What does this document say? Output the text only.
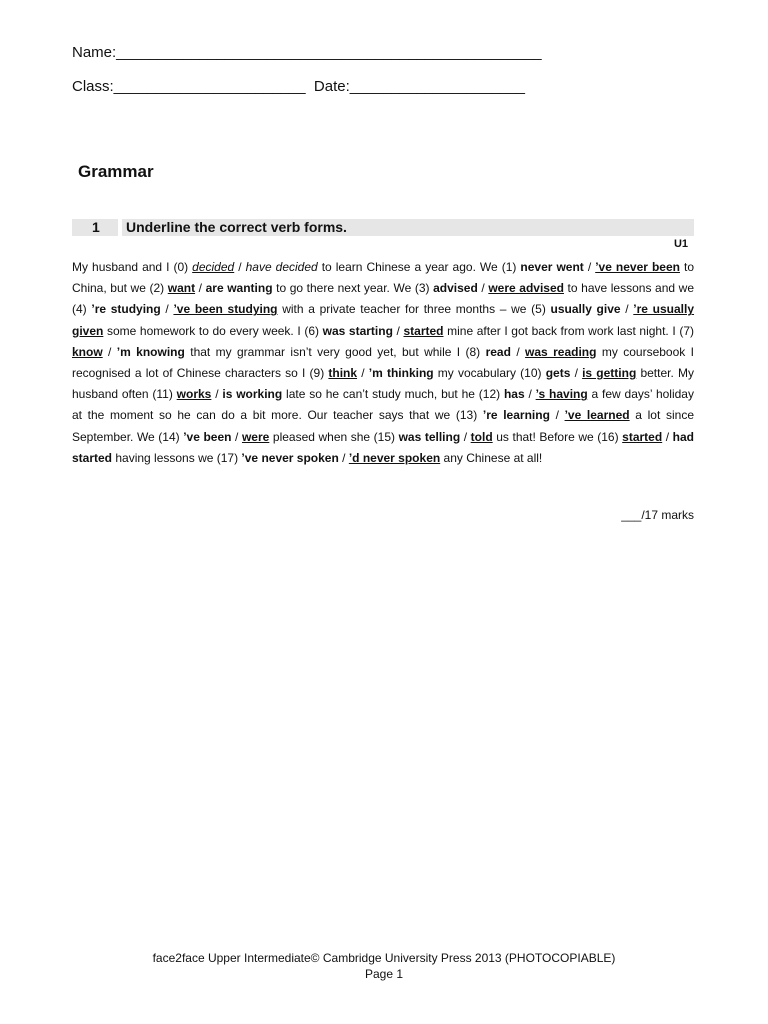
Name:___________________________________________________
Class:_______________________  Date:_____________________
Grammar
1 Underline the correct verb forms.
U1
My husband and I (0) decided / have decided to learn Chinese a year ago. We (1) never went / ’ve never been to China, but we (2) want / are wanting to go there next year. We (3) advised / were advised to have lessons and we (4) ’re studying / ’ve been studying with a private teacher for three months – we (5) usually give / ’re usually given some homework to do every week. I (6) was starting / started mine after I got back from work last night. I (7) know / ’m knowing that my grammar isn’t very good yet, but while I (8) read / was reading my coursebook I recognised a lot of Chinese characters so I (9) think / ’m thinking my vocabulary (10) gets / is getting better. My husband often (11) works / is working late so he can’t study much, but he (12) has / ’s having a few days’ holiday at the moment so he can do a bit more. Our teacher says that we (13) ’re learning / ’ve learned a lot since September. We (14) ’ve been / were pleased when she (15) was telling / told us that! Before we (16) started / had started having lessons we (17) ’ve never spoken / ’d never spoken any Chinese at all!
___/17 marks
face2face Upper Intermediate© Cambridge University Press 2013 (PHOTOCOPIABLE)
Page 1
